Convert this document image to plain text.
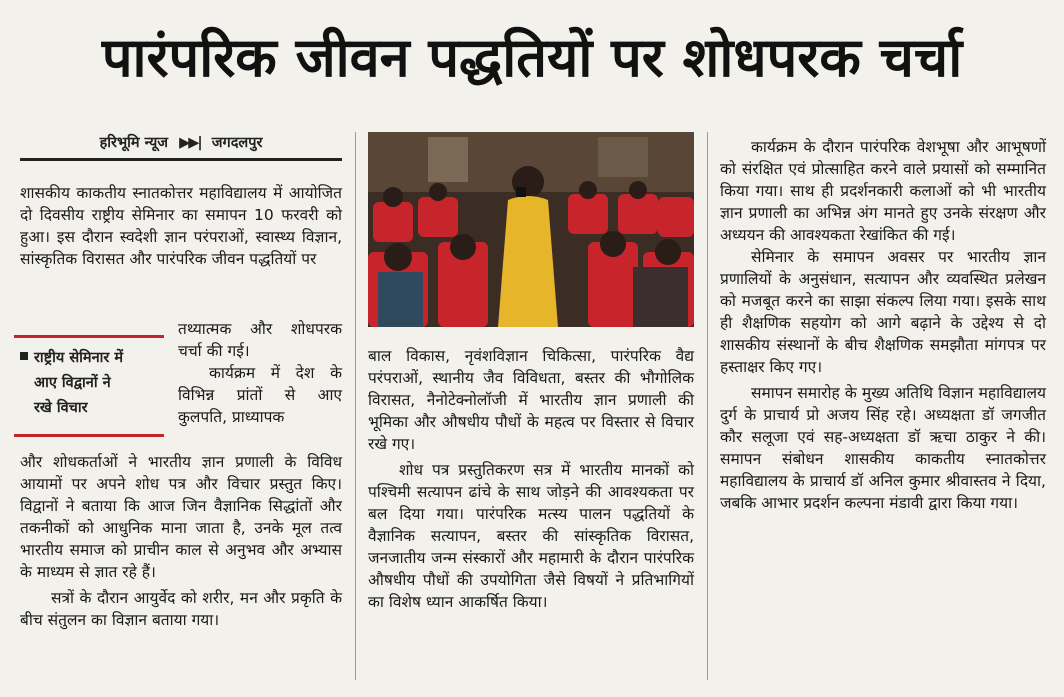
पारंपरिक जीवन पद्धतियों पर शोधपरक चर्चा
हरिभूमि न्यूज ▶▶| जगदलपुर

शासकीय काकतीय स्नातकोत्तर महाविद्यालय में आयोजित दो दिवसीय राष्ट्रीय सेमिनार का समापन 10 फरवरी को हुआ। इस दौरान स्वदेशी ज्ञान परंपराओं, स्वास्थ्य विज्ञान, सांस्कृतिक विरासत और पारंपरिक जीवन पद्धतियों पर

राष्ट्रीय सेमिनार में
आए विद्वानों ने
रखे विचार

तथ्यात्मक और शोधपरक चर्चा की गई।

कार्यक्रम में देश के विभिन्न प्रांतों से आए कुलपति, प्राध्यापक

और शोधकर्ताओं ने भारतीय ज्ञान प्रणाली के विविध आयामों पर अपने शोध पत्र और विचार प्रस्तुत किए। विद्वानों ने बताया कि आज जिन वैज्ञानिक सिद्धांतों और तकनीकों को आधुनिक माना जाता है, उनके मूल तत्व भारतीय समाज को प्राचीन काल से अनुभव और अभ्यास के माध्यम से ज्ञात रहे हैं।

सत्रों के दौरान आयुर्वेद को शरीर, मन और प्रकृति के बीच संतुलन का विज्ञान बताया गया।

बाल विकास, नृवंशविज्ञान चिकित्सा, पारंपरिक वैद्य परंपराओं, स्थानीय जैव विविधता, बस्तर की भौगोलिक विरासत, नैनोटेक्नोलॉजी में भारतीय ज्ञान प्रणाली की भूमिका और औषधीय पौधों के महत्व पर विस्तार से विचार रखे गए।

शोध पत्र प्रस्तुतिकरण सत्र में भारतीय मानकों को पश्चिमी सत्यापन ढांचे के साथ जोड़ने की आवश्यकता पर बल दिया गया। पारंपरिक मत्स्य पालन पद्धतियों के वैज्ञानिक सत्यापन, बस्तर की सांस्कृतिक विरासत, जनजातीय जन्म संस्कारों और महामारी के दौरान पारंपरिक औषधीय पौधों की उपयोगिता जैसे विषयों ने प्रतिभागियों का विशेष ध्यान आकर्षित किया।

कार्यक्रम के दौरान पारंपरिक वेशभूषा और आभूषणों को संरक्षित एवं प्रोत्साहित करने वाले प्रयासों को सम्मानित किया गया। साथ ही प्रदर्शनकारी कलाओं को भी भारतीय ज्ञान प्रणाली का अभिन्न अंग मानते हुए उनके संरक्षण और अध्ययन की आवश्यकता रेखांकित की गई।

सेमिनार के समापन अवसर पर भारतीय ज्ञान प्रणालियों के अनुसंधान, सत्यापन और व्यवस्थित प्रलेखन को मजबूत करने का साझा संकल्प लिया गया। इसके साथ ही शैक्षणिक सहयोग को आगे बढ़ाने के उद्देश्य से दो शासकीय संस्थानों के बीच शैक्षणिक समझौता मांगपत्र पर हस्ताक्षर किए गए।

समापन समारोह के मुख्य अतिथि विज्ञान महाविद्यालय दुर्ग के प्राचार्य प्रो अजय सिंह रहे। अध्यक्षता डॉ जगजीत कौर सलूजा एवं सह-अध्यक्षता डॉ ऋचा ठाकुर ने की। समापन संबोधन शासकीय काकतीय स्नातकोत्तर महाविद्यालय के प्राचार्य डॉ अनिल कुमार श्रीवास्तव ने दिया, जबकि आभार प्रदर्शन कल्पना मंडावी द्वारा किया गया।
